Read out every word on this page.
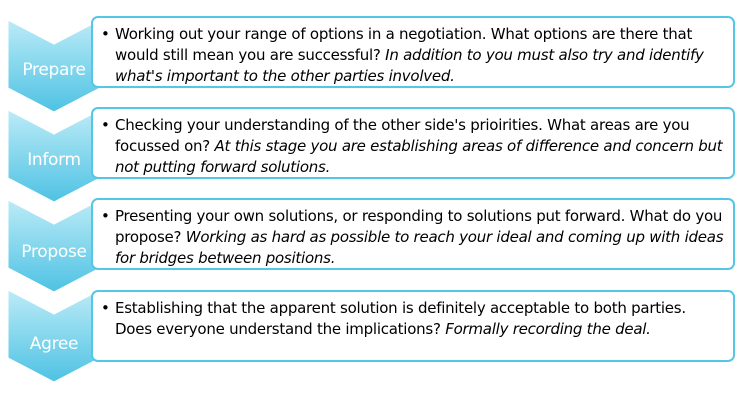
Prepare
• Working out your range of options in a negotiation. What options are there that would still mean you are successful? In addition to you must also try and identify what's important to the other parties involved.
Inform
• Checking your understanding of the other side's prioirities. What areas are you focussed on? At this stage you are establishing areas of difference and concern but not putting forward solutions.
Propose
• Presenting your own solutions, or responding to solutions put forward. What do you propose? Working as hard as possible to reach your ideal and coming up with ideas for bridges between positions.
Agree
• Establishing that the apparent solution is definitely acceptable to both parties. Does everyone understand the implications? Formally recording the deal.
